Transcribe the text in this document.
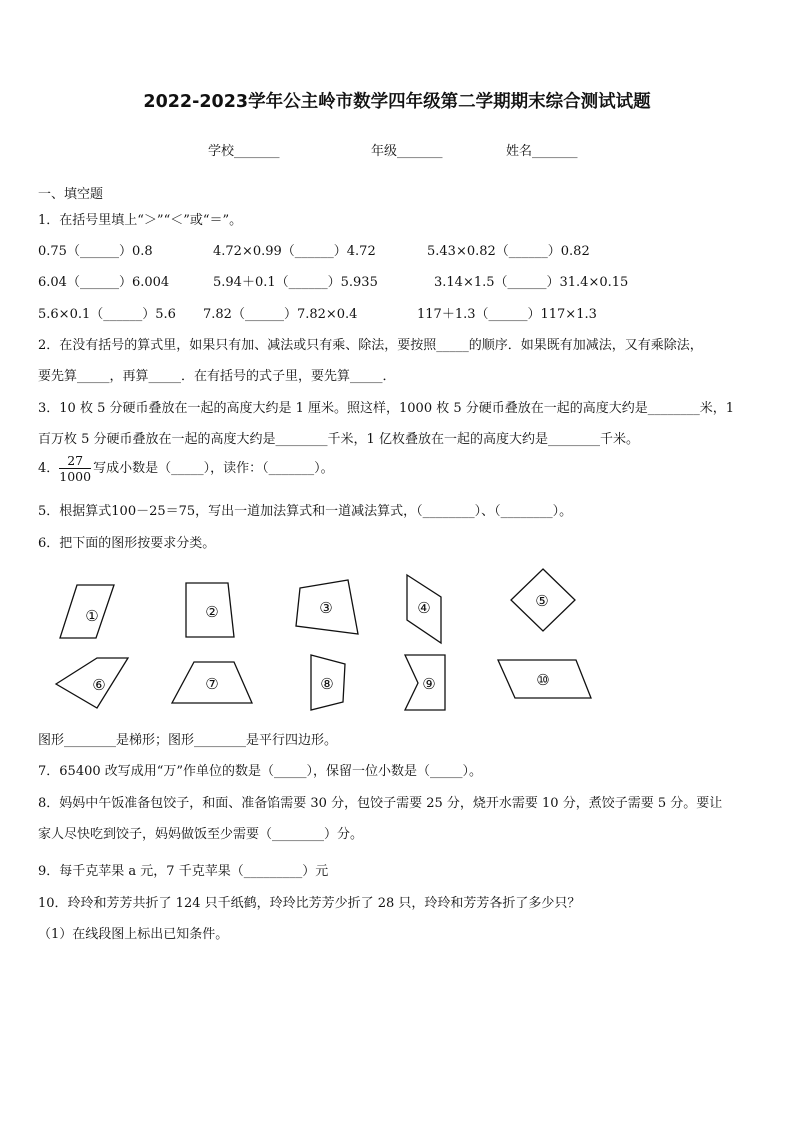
2022-2023学年公主岭市数学四年级第二学期期末综合测试试题
学校_______	年级_______	姓名_______
一、填空题
1．在括号里填上“＞”“＜”或“＝”。
0.75（______）0.8	4.72×0.99（______）4.72	5.43×0.82（______）0.82
6.04（______）6.004	5.94＋0.1（______）5.935	3.14×1.5（______）31.4×0.15
5.6×0.1（______）5.6 7.82（______）7.82×0.4	117＋1.3（______）117×1.3
2．在没有括号的算式里，如果只有加、减法或只有乘、除法，要按照_____的顺序．如果既有加减法，又有乘除法，
要先算_____，再算_____．在有括号的式子里，要先算_____．
3．10 枚 5 分硬币叠放在一起的高度大约是 1 厘米。照这样，1000 枚 5 分硬币叠放在一起的高度大约是________米，1
百万枚 5 分硬币叠放在一起的高度大约是________千米，1 亿枚叠放在一起的高度大约是________千米。
4． $\frac{27}{1000}$ 写成小数是（_____），读作：（_______）。
5．根据算式100－25＝75，写出一道加法算式和一道减法算式，（________）、（________）。
6．把下面的图形按要求分类。
①	②	③	④	⑤
⑥	⑦	⑧	⑨	⑩
图形________是梯形；图形________是平行四边形。
7．65400 改写成用“万”作单位的数是（_____），保留一位小数是（_____）。
8．妈妈中午饭准备包饺子，和面、准备馅需要 30 分，包饺子需要 25 分，烧开水需要 10 分，煮饺子需要 5 分。要让
家人尽快吃到饺子，妈妈做饭至少需要（________）分。
9．每千克苹果 a 元，7 千克苹果（_________）元
10．玲玲和芳芳共折了 124 只千纸鹤，玲玲比芳芳少折了 28 只，玲玲和芳芳各折了多少只？
（1）在线段图上标出已知条件。
